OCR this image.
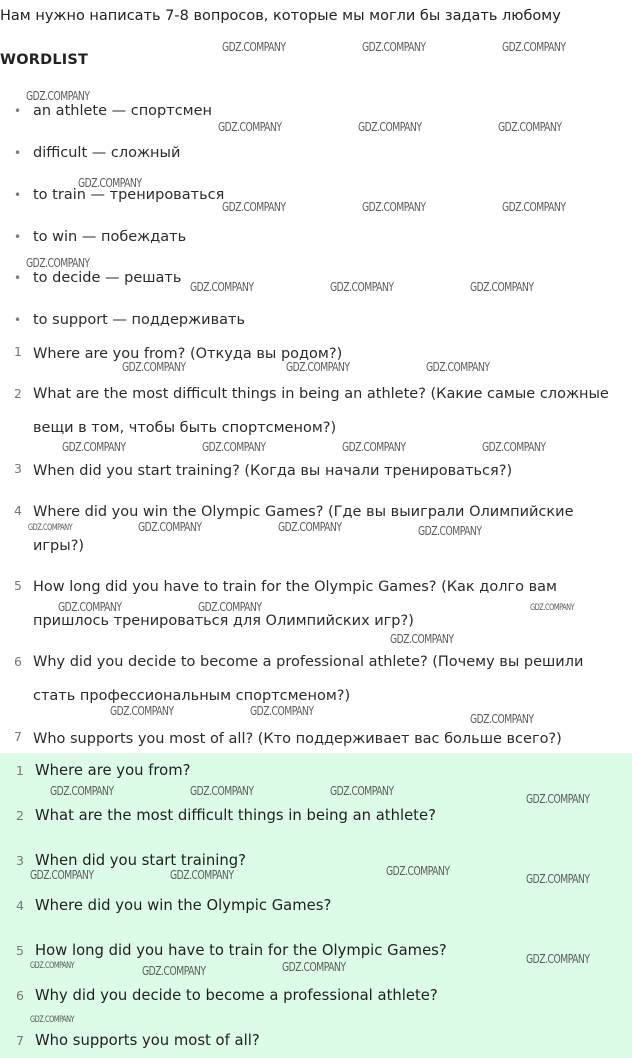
Нам нужно написать 7-8 вопросов, которые мы могли бы задать любому
WORDLIST
• an athlete — спортсмен
• difficult — сложный
• to train — тренироваться
• to win — побеждать
• to decide — решать
• to support — поддерживать
1 Where are you from? (Откуда вы родом?)
2 What are the most difficult things in being an athlete? (Какие самые сложные вещи в том, чтобы быть спортсменом?)
3 When did you start training? (Когда вы начали тренироваться?)
4 Where did you win the Olympic Games? (Где вы выиграли Олимпийские игры?)
5 How long did you have to train for the Olympic Games? (Как долго вам пришлось тренироваться для Олимпийских игр?)
6 Why did you decide to become a professional athlete? (Почему вы решили стать профессиональным спортсменом?)
7 Who supports you most of all? (Кто поддерживает вас больше всего?)
1 Where are you from?
2 What are the most difficult things in being an athlete?
3 When did you start training?
4 Where did you win the Olympic Games?
5 How long did you have to train for the Olympic Games?
6 Why did you decide to become a professional athlete?
7 Who supports you most of all?
GDZ.COMPANY	GDZ.COMPANY	GDZ.COMPANY
GDZ.COMPANY
GDZ.COMPANY	GDZ.COMPANY	GDZ.COMPANY
GDZ.COMPANY
GDZ.COMPANY	GDZ.COMPANY	GDZ.COMPANY
GDZ.COMPANY
GDZ.COMPANY	GDZ.COMPANY	GDZ.COMPANY
GDZ.COMPANY	GDZ.COMPANY	GDZ.COMPANY
GDZ.COMPANY	GDZ.COMPANY	GDZ.COMPANY	GDZ.COMPANY
GDZ.COMPANY	GDZ.COMPANY	GDZ.COMPANY	GDZ.COMPANY
GDZ.COMPANY	GDZ.COMPANY	GDZ.COMPANY
GDZ.COMPANY
GDZ.COMPANY	GDZ.COMPANY
GDZ.COMPANY
GDZ.COMPANY	GDZ.COMPANY	GDZ.COMPANY
GDZ.COMPANY
GDZ.COMPANY	GDZ.COMPANY	GDZ.COMPANY
GDZ.COMPANY
GDZ.COMPANY	GDZ.COMPANY	GDZ.COMPANY
GDZ.COMPANY
GDZ.COMPANY
